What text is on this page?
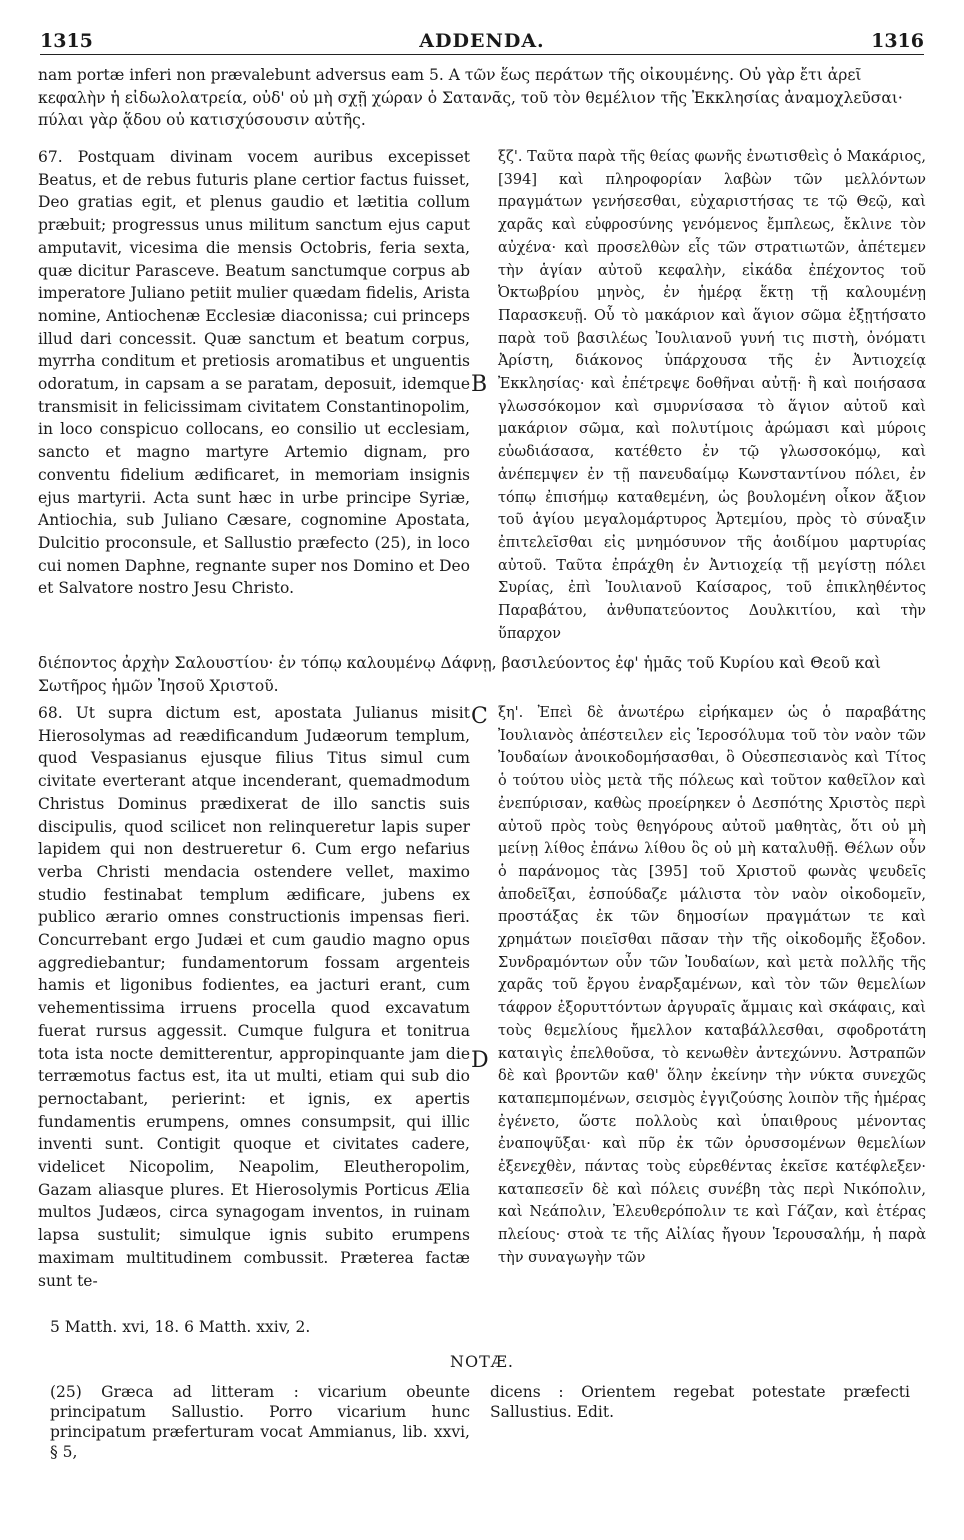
1315	ADDENDA.	1316

nam portæ inferi non prævalebunt adversus eam 5. A τῶν ἕως περάτων τῆς οἰκουμένης. Οὐ γὰρ ἔτι ἀρεῖ

κεφαλὴν ἡ εἰδωλολατρεία, οὐδ' οὐ μὴ σχῇ χώραν ὁ Σατανᾶς, τοῦ τὸν θεμέλιον τῆς Ἐκκλησίας ἀναμοχλεῦσαι·

πύλαι γὰρ ᾅδου οὐ κατισχύσουσιν αὐτῆς.

67. Postquam divinam vocem auribus excepisset Beatus, et de rebus futuris plane certior factus fuisset, Deo gratias egit, et plenus gaudio et lætitia collum præbuit; progressus unus militum sanctum ejus caput amputavit, vicesima die mensis Octobris, feria sexta, quæ dicitur Parasceve. Beatum sanctumque corpus ab imperatore Juliano petiit mulier quædam fidelis, Arista nomine, Antiochenæ Ecclesiæ diaconissa; cui princeps illud dari concessit. Quæ sanctum et beatum corpus, myrrha conditum et pretiosis aromatibus et unguentis odoratum, in capsam a se paratam, deposuit, idemque transmisit in felicissimam civitatem Constantinopolim, in loco conspicuo collocans, eo consilio ut ecclesiam, sancto et magno martyre Artemio dignam, pro conventu fidelium ædificaret, in memoriam insignis ejus martyrii. Acta sunt hæc in urbe principe Syriæ, Antiochia, sub Juliano Cæsare, cognomine Apostata, Dulcitio proconsule, et Sallustio præfecto (25), in loco cui nomen Daphne, regnante super nos Domino et Deo et Salvatore nostro Jesu Christo.

ξζ'. Ταῦτα παρὰ τῆς θείας φωνῆς ἐνωτισθεὶς ὁ Μακάριος, [394] καὶ πληροφορίαν λαβὼν τῶν μελλόντων πραγμάτων γενήσεσθαι, εὐχαριστήσας τε τῷ Θεῷ, καὶ χαρᾶς καὶ εὐφροσύνης γενόμενος ἔμπλεως, ἔκλινε τὸν αὐχένα· καὶ προσελθὼν εἷς τῶν στρατιωτῶν, ἀπέτεμεν τὴν ἁγίαν αὐτοῦ κεφαλὴν, εἰκάδα ἐπέχοντος τοῦ Ὀκτωβρίου μηνὸς, ἐν ἡμέρᾳ ἕκτῃ τῇ καλουμένῃ Παρασκευῇ. Οὗ τὸ μακάριον καὶ ἅγιον σῶμα ἐξῃτήσατο παρὰ τοῦ βασιλέως Ἰουλιανοῦ γυνή τις πιστὴ, ὀνόματι Ἀρίστη, διάκονος ὑπάρχουσα τῆς ἐν Ἀντιοχείᾳ Ἐκκλησίας· καὶ ἐπέτρεψε δοθῆναι αὐτῇ· ἣ καὶ ποιήσασα γλωσσόκομον καὶ σμυρνίσασα τὸ ἅγιον αὐτοῦ καὶ μακάριον σῶμα, καὶ πολυτίμοις ἀρώμασι καὶ μύροις εὐωδιάσασα, κατέθετο ἐν τῷ γλωσσοκόμῳ, καὶ ἀνέπεμψεν ἐν τῇ πανευδαίμῳ Κωνσταντίνου πόλει, ἐν τόπῳ ἐπισήμῳ καταθεμένη, ὡς βουλομένη οἶκον ἄξιον τοῦ ἁγίου μεγαλομάρτυρος Ἀρτεμίου, πρὸς τὸ σύναξιν ἐπιτελεῖσθαι εἰς μνημόσυνον τῆς ἀοιδίμου μαρτυρίας αὐτοῦ. Ταῦτα ἐπράχθη ἐν Ἀντιοχείᾳ τῇ μεγίστῃ πόλει Συρίας, ἐπὶ Ἰουλιανοῦ Καίσαρος, τοῦ ἐπικληθέντος Παραβάτου, ἀνθυπατεύοντος Δουλκιτίου, καὶ τὴν ὕπαρχον

B

διέποντος ἀρχὴν Σαλουστίου· ἐν τόπῳ καλουμένῳ Δάφνῃ, βασιλεύοντος ἐφ' ἡμᾶς τοῦ Κυρίου καὶ Θεοῦ καὶ

Σωτῆρος ἡμῶν Ἰησοῦ Χριστοῦ.

C

68. Ut supra dictum est, apostata Julianus misit Hierosolymas ad reædificandum Judæorum templum, quod Vespasianus ejusque filius Titus simul cum civitate everterant atque incenderant, quemadmodum Christus Dominus prædixerat de illo sanctis suis discipulis, quod scilicet non relinqueretur lapis super lapidem qui non destrueretur 6. Cum ergo nefarius verba Christi mendacia ostendere vellet, maximo studio festinabat templum ædificare, jubens ex publico ærario omnes constructionis impensas fieri. Concurrebant ergo Judæi et cum gaudio magno opus aggrediebantur; fundamentorum fossam argenteis hamis et ligonibus fodientes, ea jacturi erant, cum vehementissima irruens procella quod excavatum fuerat rursus aggessit. Cumque fulgura et tonitrua tota ista nocte demitterentur, appropinquante jam die terræmotus factus est, ita ut multi, etiam qui sub dio pernoctabant, perierint: et ignis, ex apertis fundamentis erumpens, omnes consumpsit, qui illic inventi sunt. Contigit quoque et civitates cadere, videlicet Nicopolim, Neapolim, Eleutheropolim, Gazam aliasque plures. Et Hierosolymis Porticus Ælia multos Judæos, circa synagogam inventos, in ruinam lapsa sustulit; simulque ignis subito erumpens maximam multitudinem combussit. Præterea factæ sunt te-

ξη'. Ἐπεὶ δὲ ἀνωτέρω εἰρήκαμεν ὡς ὁ παραβάτης Ἰουλιανὸς ἀπέστειλεν εἰς Ἱεροσόλυμα τοῦ τὸν ναὸν τῶν Ἰουδαίων ἀνοικοδομήσασθαι, ὃ Οὐεσπεσιανὸς καὶ Τίτος ὁ τούτου υἱὸς μετὰ τῆς πόλεως καὶ τοῦτον καθεῖλον καὶ ἐνεπύρισαν, καθὼς προείρηκεν ὁ Δεσπότης Χριστὸς περὶ αὐτοῦ πρὸς τοὺς θεηγόρους αὐτοῦ μαθητὰς, ὅτι οὐ μὴ μείνῃ λίθος ἐπάνω λίθου ὃς οὐ μὴ καταλυθῇ. Θέλων οὖν ὁ παράνομος τὰς [395] τοῦ Χριστοῦ φωνὰς ψευδεῖς ἀποδεῖξαι, ἐσπούδαζε μάλιστα τὸν ναὸν οἰκοδομεῖν, προστάξας ἐκ τῶν δημοσίων πραγμάτων τε καὶ χρημάτων ποιεῖσθαι πᾶσαν τὴν τῆς οἰκοδομῆς ἔξοδον. Συνδραμόντων οὖν τῶν Ἰουδαίων, καὶ μετὰ πολλῆς τῆς χαρᾶς τοῦ ἔργου ἐναρξαμένων, καὶ τὸν τῶν θεμελίων τάφρον ἐξορυττόντων ἀργυραῖς ἄμμαις καὶ σκάφαις, καὶ τοὺς θεμελίους ἤμελλον καταβάλλεσθαι, σφοδροτάτη καταιγὶς ἐπελθοῦσα, τὸ κενωθὲν ἀντεχώννυ. Ἀστραπῶν δὲ καὶ βροντῶν καθ' ὅλην ἐκείνην τὴν νύκτα συνεχῶς καταπεμπομένων, σεισμὸς ἐγγιζούσης λοιπὸν τῆς ἡμέρας ἐγένετο, ὥστε πολλοὺς καὶ ὑπαιθρους μένοντας ἐναποψῦξαι· καὶ πῦρ ἐκ τῶν ὀρυσσομένων θεμελίων ἐξενεχθὲν, πάντας τοὺς εὑρεθέντας ἐκεῖσε κατέφλεξεν· καταπεσεῖν δὲ καὶ πόλεις συνέβη τὰς περὶ Νικόπολιν, καὶ Νεάπολιν, Ἐλευθερόπολιν τε καὶ Γάζαν, καὶ ἑτέρας πλείους· στοὰ τε τῆς Αἰλίας ἤγουν Ἱερουσαλήμ, ἡ παρὰ τὴν συναγωγὴν τῶν

D

5 Matth. xvi, 18. 6 Matth. xxiv, 2.

NOTÆ.

(25) Græca ad litteram : vicarium obeunte principatum Sallustio. Porro vicarium hunc principatum præferturam vocat Ammianus, lib. xxvi, § 5,

dicens : Orientem regebat potestate præfecti Sallustius. Edit.
